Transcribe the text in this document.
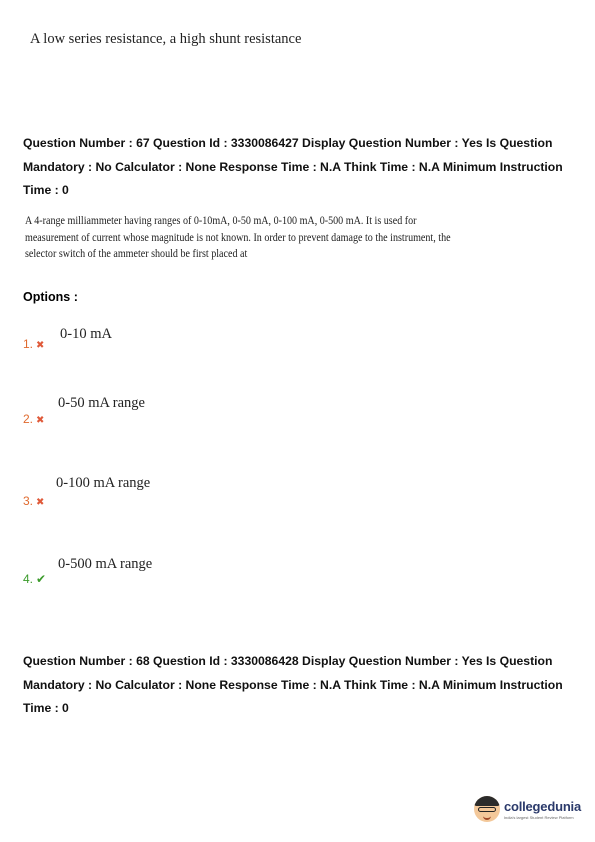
A low series resistance, a high shunt resistance
Question Number : 67 Question Id : 3330086427 Display Question Number : Yes Is Question Mandatory : No Calculator : None Response Time : N.A Think Time : N.A Minimum Instruction Time : 0
A 4-range milliammeter having ranges of 0-10mA, 0-50 mA, 0-100 mA, 0-500 mA. It is used for measurement of current whose magnitude is not known. In order to prevent damage to the instrument, the selector switch of the ammeter should be first placed at
Options :
0-10 mA
1. ✖
0-50 mA range
2. ✖
0-100 mA range
3. ✖
0-500 mA range
4. ✔
Question Number : 68 Question Id : 3330086428 Display Question Number : Yes Is Question Mandatory : No Calculator : None Response Time : N.A Think Time : N.A Minimum Instruction Time : 0
collegedunia
India's largest Student Review Platform
